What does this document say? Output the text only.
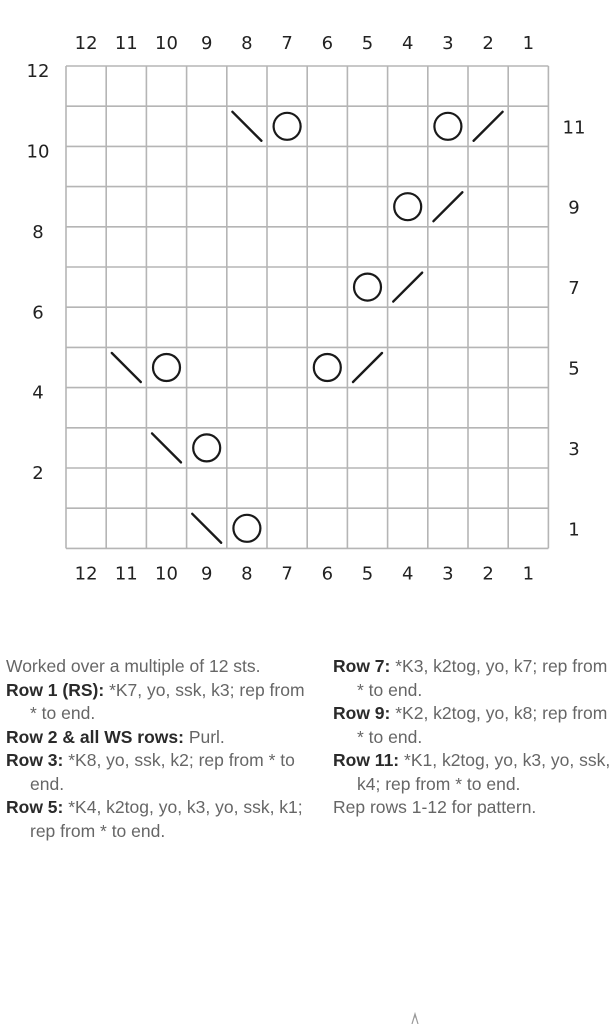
12
12
11
11
10
10
9
9
8
8
7
7
6
6
5
5
4
4
3
3
2
2
1
1
12
10
8
6
4
2
11
9
7
5
3
1

Worked over a multiple of 12 sts.

Row 1 (RS): *K7, yo, ssk, k3; rep from * to end.

Row 2 & all WS rows: Purl.

Row 3: *K8, yo, ssk, k2; rep from * to end.

Row 5: *K4, k2tog, yo, k3, yo, ssk, k1; rep from * to end.

Row 7: *K3, k2tog, yo, k7; rep from * to end.

Row 9: *K2, k2tog, yo, k8; rep from * to end.

Row 11: *K1, k2tog, yo, k3, yo, ssk, k4; rep from * to end.

Rep rows 1-12 for pattern.
